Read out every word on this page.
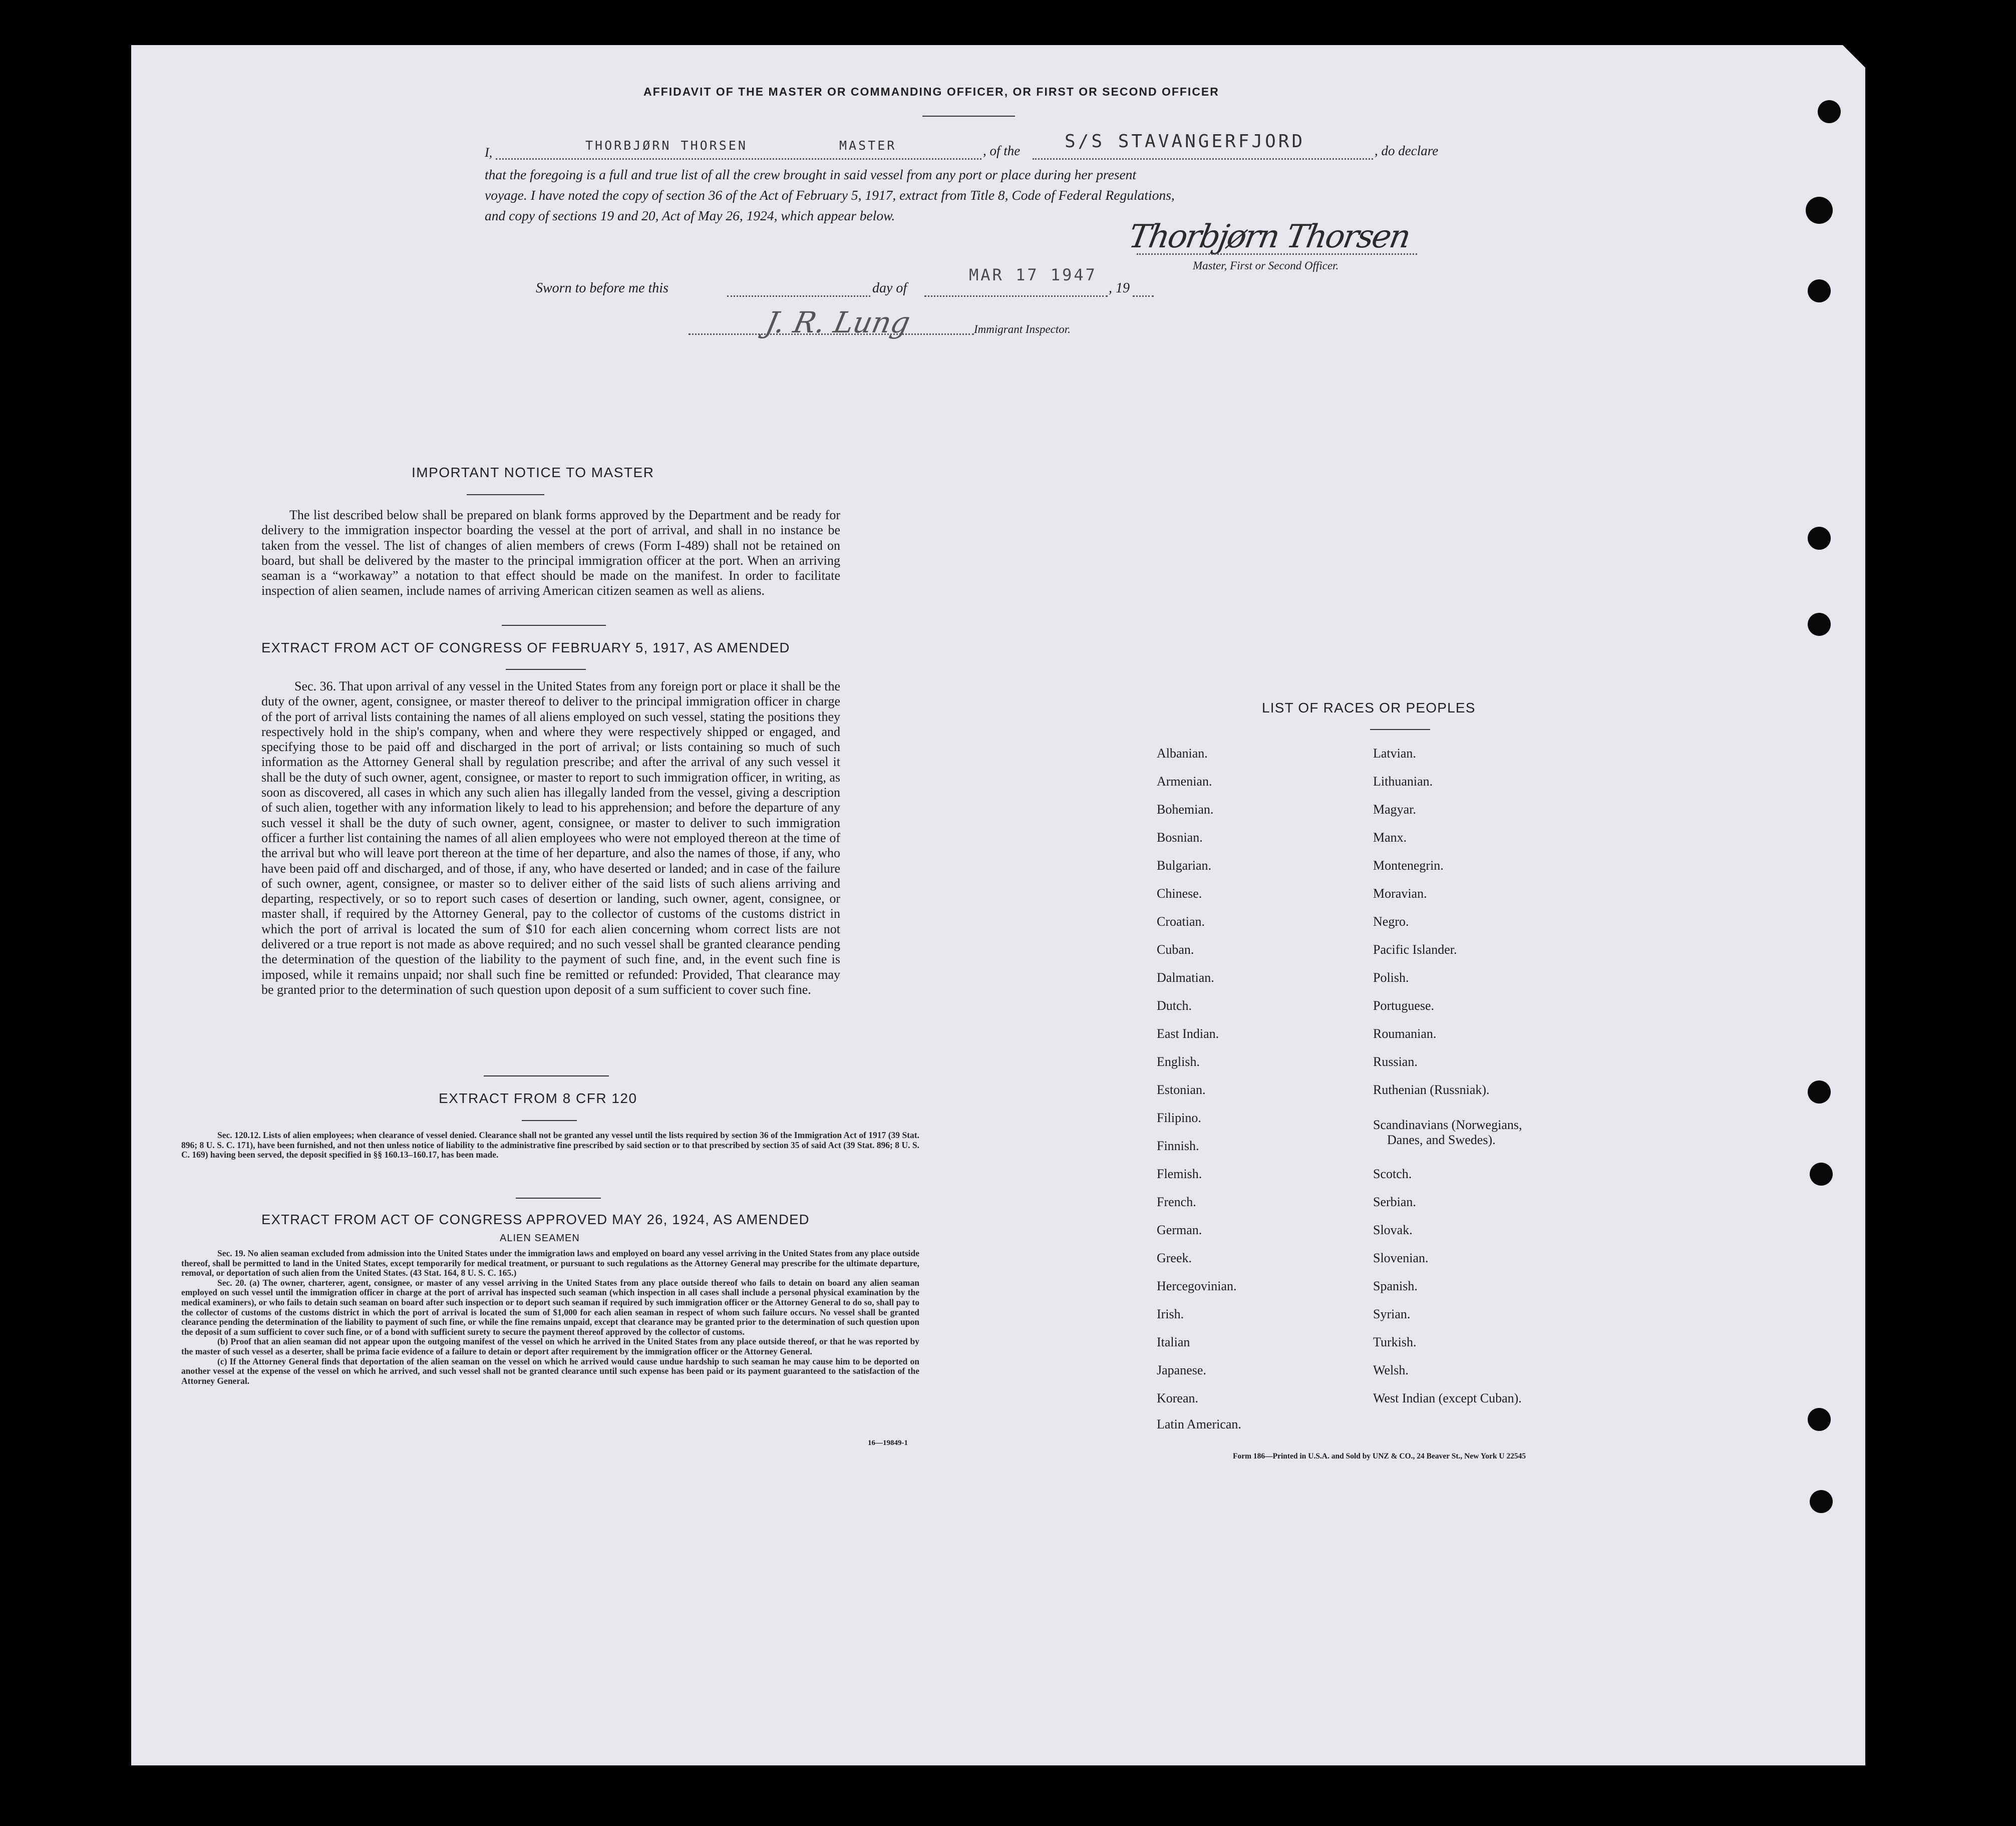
AFFIDAVIT OF THE MASTER OR COMMANDING OFFICER, OR FIRST OR SECOND OFFICER
I,	THORBJØRN THORSEN	MASTER	, of the S/S STAVANGERFJORD	, do declare
that the foregoing is a full and true list of all the crew brought in said vessel from any port or place during her present
voyage. I have noted the copy of section 36 of the Act of February 5, 1917, extract from Title 8, Code of Federal Regulations,
and copy of sections 19 and 20, Act of May 26, 1924, which appear below.
Thorbjørn Thorsen
Master, First or Second Officer.
Sworn to before me this	day of
MAR 17 1947
, 19
J. R. Lung	Immigrant Inspector.
IMPORTANT NOTICE TO MASTER
The list described below shall be prepared on blank forms approved by the Department and be ready for delivery to the immigration inspector boarding the vessel at the port of arrival, and shall in no instance be taken from the vessel. The list of changes of alien members of crews (Form I-489) shall not be retained on board, but shall be delivered by the master to the principal immigration officer at the port. When an arriving seaman is a “workaway” a notation to that effect should be made on the manifest. In order to facilitate inspection of alien seamen, include names of arriving American citizen seamen as well as aliens.
EXTRACT FROM ACT OF CONGRESS OF FEBRUARY 5, 1917, AS AMENDED
Sec. 36. That upon arrival of any vessel in the United States from any foreign port or place it shall be the duty of the owner, agent, consignee, or master thereof to deliver to the principal immigration officer in charge of the port of arrival lists containing the names of all aliens employed on such vessel, stating the positions they respectively hold in the ship's company, when and where they were respectively shipped or engaged, and specifying those to be paid off and discharged in the port of arrival; or lists containing so much of such information as the Attorney General shall by regulation prescribe; and after the arrival of any such vessel it shall be the duty of such owner, agent, consignee, or master to report to such immigration officer, in writing, as soon as discovered, all cases in which any such alien has illegally landed from the vessel, giving a description of such alien, together with any information likely to lead to his apprehension; and before the departure of any such vessel it shall be the duty of such owner, agent, consignee, or master to deliver to such immigration officer a further list containing the names of all alien employees who were not employed thereon at the time of the arrival but who will leave port thereon at the time of her departure, and also the names of those, if any, who have been paid off and discharged, and of those, if any, who have deserted or landed; and in case of the failure of such owner, agent, consignee, or master so to deliver either of the said lists of such aliens arriving and departing, respectively, or so to report such cases of desertion or landing, such owner, agent, consignee, or master shall, if required by the Attorney General, pay to the collector of customs of the customs district in which the port of arrival is located the sum of $10 for each alien concerning whom correct lists are not delivered or a true report is not made as above required; and no such vessel shall be granted clearance pending the determination of the question of the liability to the payment of such fine, and, in the event such fine is imposed, while it remains unpaid; nor shall such fine be remitted or refunded: Provided, That clearance may be granted prior to the determination of such question upon deposit of a sum sufficient to cover such fine.
EXTRACT FROM 8 CFR 120
Sec. 120.12. Lists of alien employees; when clearance of vessel denied. Clearance shall not be granted any vessel until the lists required by section 36 of the Immigration Act of 1917 (39 Stat. 896; 8 U. S. C. 171), have been furnished, and not then unless notice of liability to the administrative fine prescribed by said section or to that prescribed by section 35 of said Act (39 Stat. 896; 8 U. S. C. 169) having been served, the deposit specified in §§ 160.13–160.17, has been made.
EXTRACT FROM ACT OF CONGRESS APPROVED MAY 26, 1924, AS AMENDED
ALIEN SEAMEN
Sec. 19. No alien seaman excluded from admission into the United States under the immigration laws and employed on board any vessel arriving in the United States from any place outside thereof, shall be permitted to land in the United States, except temporarily for medical treatment, or pursuant to such regulations as the Attorney General may prescribe for the ultimate departure, removal, or deportation of such alien from the United States. (43 Stat. 164, 8 U. S. C. 165.)
Sec. 20. (a) The owner, charterer, agent, consignee, or master of any vessel arriving in the United States from any place outside thereof who fails to detain on board any alien seaman employed on such vessel until the immigration officer in charge at the port of arrival has inspected such seaman (which inspection in all cases shall include a personal physical examination by the medical examiners), or who fails to detain such seaman on board after such inspection or to deport such seaman if required by such immigration officer or the Attorney General to do so, shall pay to the collector of customs of the customs district in which the port of arrival is located the sum of $1,000 for each alien seaman in respect of whom such failure occurs. No vessel shall be granted clearance pending the determination of the liability to payment of such fine, or while the fine remains unpaid, except that clearance may be granted prior to the determination of such question upon the deposit of a sum sufficient to cover such fine, or of a bond with sufficient surety to secure the payment thereof approved by the collector of customs.
(b) Proof that an alien seaman did not appear upon the outgoing manifest of the vessel on which he arrived in the United States from any place outside thereof, or that he was reported by the master of such vessel as a deserter, shall be prima facie evidence of a failure to detain or deport after requirement by the immigration officer or the Attorney General.
(c) If the Attorney General finds that deportation of the alien seaman on the vessel on which he arrived would cause undue hardship to such seaman he may cause him to be deported on another vessel at the expense of the vessel on which he arrived, and such vessel shall not be granted clearance until such expense has been paid or its payment guaranteed to the satisfaction of the Attorney General.
16—19849-1
LIST OF RACES OR PEOPLES
Albanian.
Armenian.
Bohemian.
Bosnian.
Bulgarian.
Chinese.
Croatian.
Cuban.
Dalmatian.
Dutch.
East Indian.
English.
Estonian.
Filipino.
Finnish.
Flemish.
French.
German.
Greek.
Hercegovinian.
Irish.
Italian
Japanese.
Korean.
Latin American.
Latvian.
Lithuanian.
Magyar.
Manx.
Montenegrin.
Moravian.
Negro.
Pacific Islander.
Polish.
Portuguese.
Roumanian.
Russian.
Ruthenian (Russniak).
Scandinavians (Norwegians,
Danes, and Swedes).
Scotch.
Serbian.
Slovak.
Slovenian.
Spanish.
Syrian.
Turkish.
Welsh.
West Indian (except Cuban).
Form 186—Printed in U.S.A. and Sold by UNZ & CO., 24 Beaver St., New York U 22545
